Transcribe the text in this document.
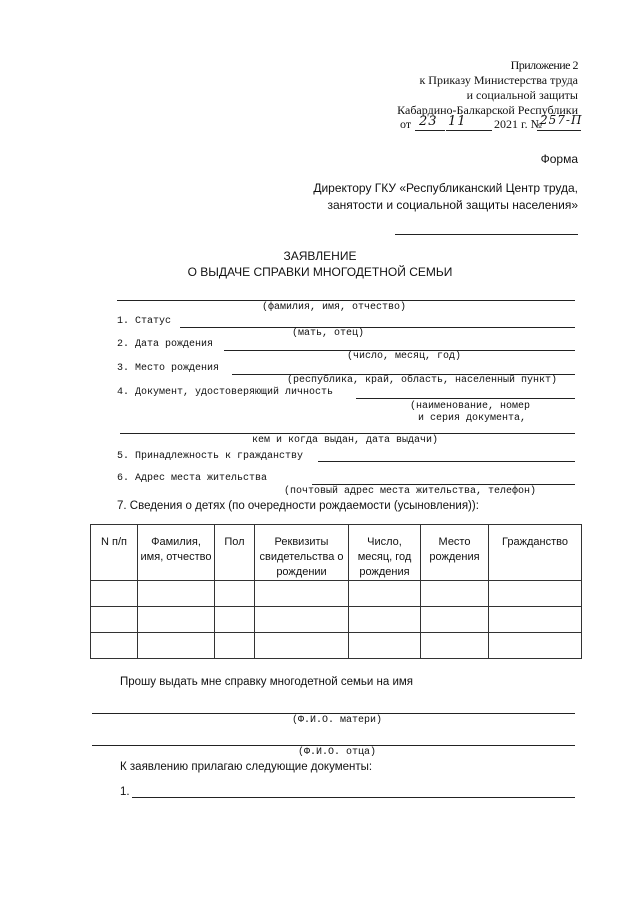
Приложение 2
к Приказу Министерства труда
и социальной защиты
Кабардино-Балкарской Республики
от 23 11 2021 г. №
257-П
Форма
Директору ГКУ «Республиканский Центр труда,
занятости и социальной защиты населения»
ЗАЯВЛЕНИЕ
О ВЫДАЧЕ СПРАВКИ МНОГОДЕТНОЙ СЕМЬИ
(фамилия, имя, отчество)
1. Статус
(мать, отец)
2. Дата рождения
(число, месяц, год)
3. Место рождения
(республика, край, область, населенный пункт)
4. Документ, удостоверяющий личность
(наименование, номер
и серия документа,
кем и когда выдан, дата выдачи)
5. Принадлежность к гражданству
6. Адрес места жительства
(почтовый адрес места жительства, телефон)
7. Сведения о детях (по очередности рождаемости (усыновления)):
N п/п	Фамилия, имя, отчество	Пол	Реквизиты свидетельства о рождении	Число, месяц, год рождения	Место рождения	Гражданство

Прошу выдать мне справку многодетной семьи на имя
(Ф.И.О. матери)
(Ф.И.О. отца)
К заявлению прилагаю следующие документы:
1.
